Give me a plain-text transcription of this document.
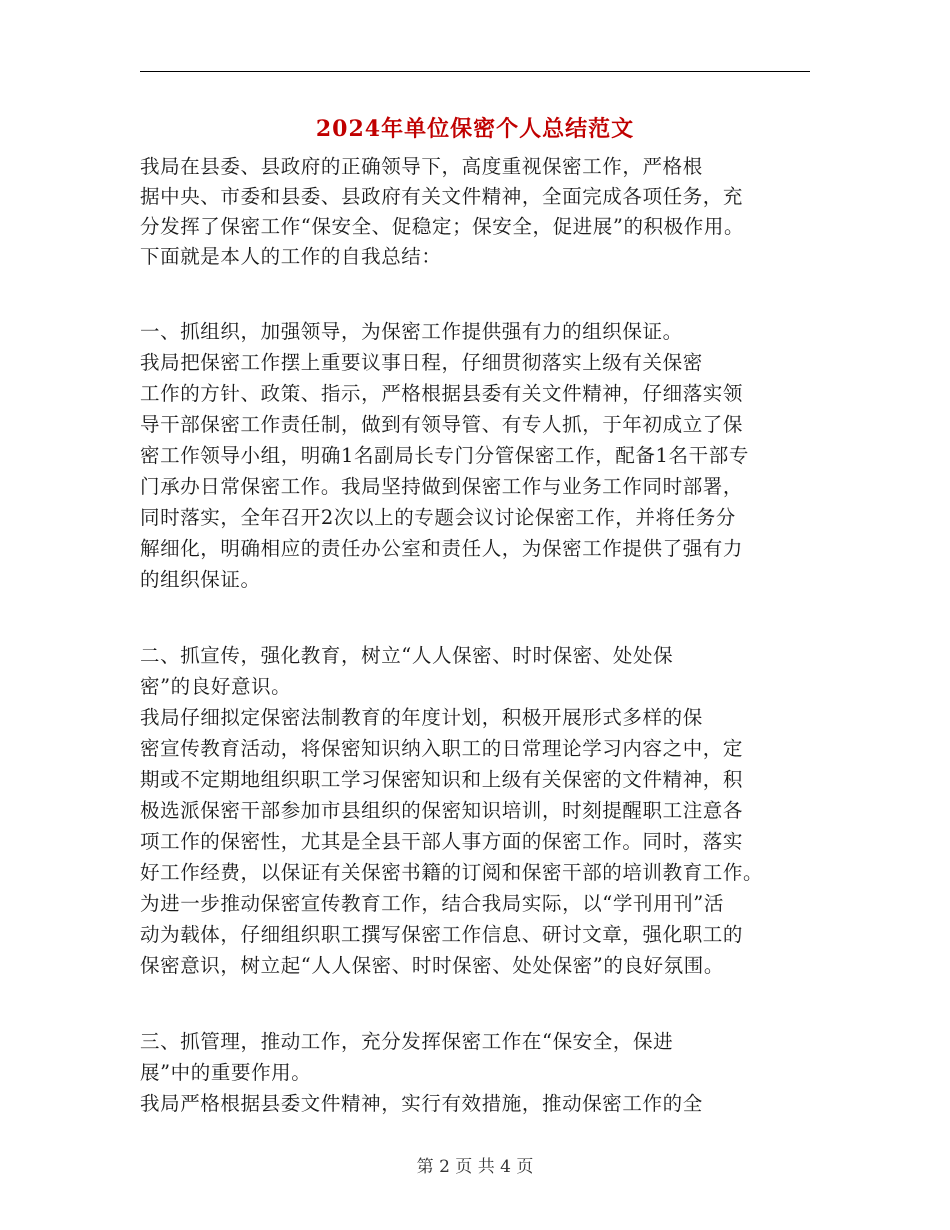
2024年单位保密个人总结范文
我局在县委、县政府的正确领导下，高度重视保密工作，严格根
据中央、市委和县委、县政府有关文件精神，全面完成各项任务，充
分发挥了保密工作“保安全、促稳定；保安全，促进展”的积极作用。
下面就是本人的工作的自我总结：
一、抓组织，加强领导，为保密工作提供强有力的组织保证。
我局把保密工作摆上重要议事日程，仔细贯彻落实上级有关保密
工作的方针、政策、指示，严格根据县委有关文件精神，仔细落实领
导干部保密工作责任制，做到有领导管、有专人抓，于年初成立了保
密工作领导小组，明确1名副局长专门分管保密工作，配备1名干部专
门承办日常保密工作。我局坚持做到保密工作与业务工作同时部署，
同时落实，全年召开2次以上的专题会议讨论保密工作，并将任务分
解细化，明确相应的责任办公室和责任人，为保密工作提供了强有力
的组织保证。
二、抓宣传，强化教育，树立“人人保密、时时保密、处处保
密”的良好意识。
我局仔细拟定保密法制教育的年度计划，积极开展形式多样的保
密宣传教育活动，将保密知识纳入职工的日常理论学习内容之中，定
期或不定期地组织职工学习保密知识和上级有关保密的文件精神，积
极选派保密干部参加市县组织的保密知识培训，时刻提醒职工注意各
项工作的保密性，尤其是全县干部人事方面的保密工作。同时，落实
好工作经费，以保证有关保密书籍的订阅和保密干部的培训教育工作。
为进一步推动保密宣传教育工作，结合我局实际，以“学刊用刊”活
动为载体，仔细组织职工撰写保密工作信息、研讨文章，强化职工的
保密意识，树立起“人人保密、时时保密、处处保密”的良好氛围。
三、抓管理，推动工作，充分发挥保密工作在“保安全，保进
展”中的重要作用。
我局严格根据县委文件精神，实行有效措施，推动保密工作的全
第 2 页 共 4 页
